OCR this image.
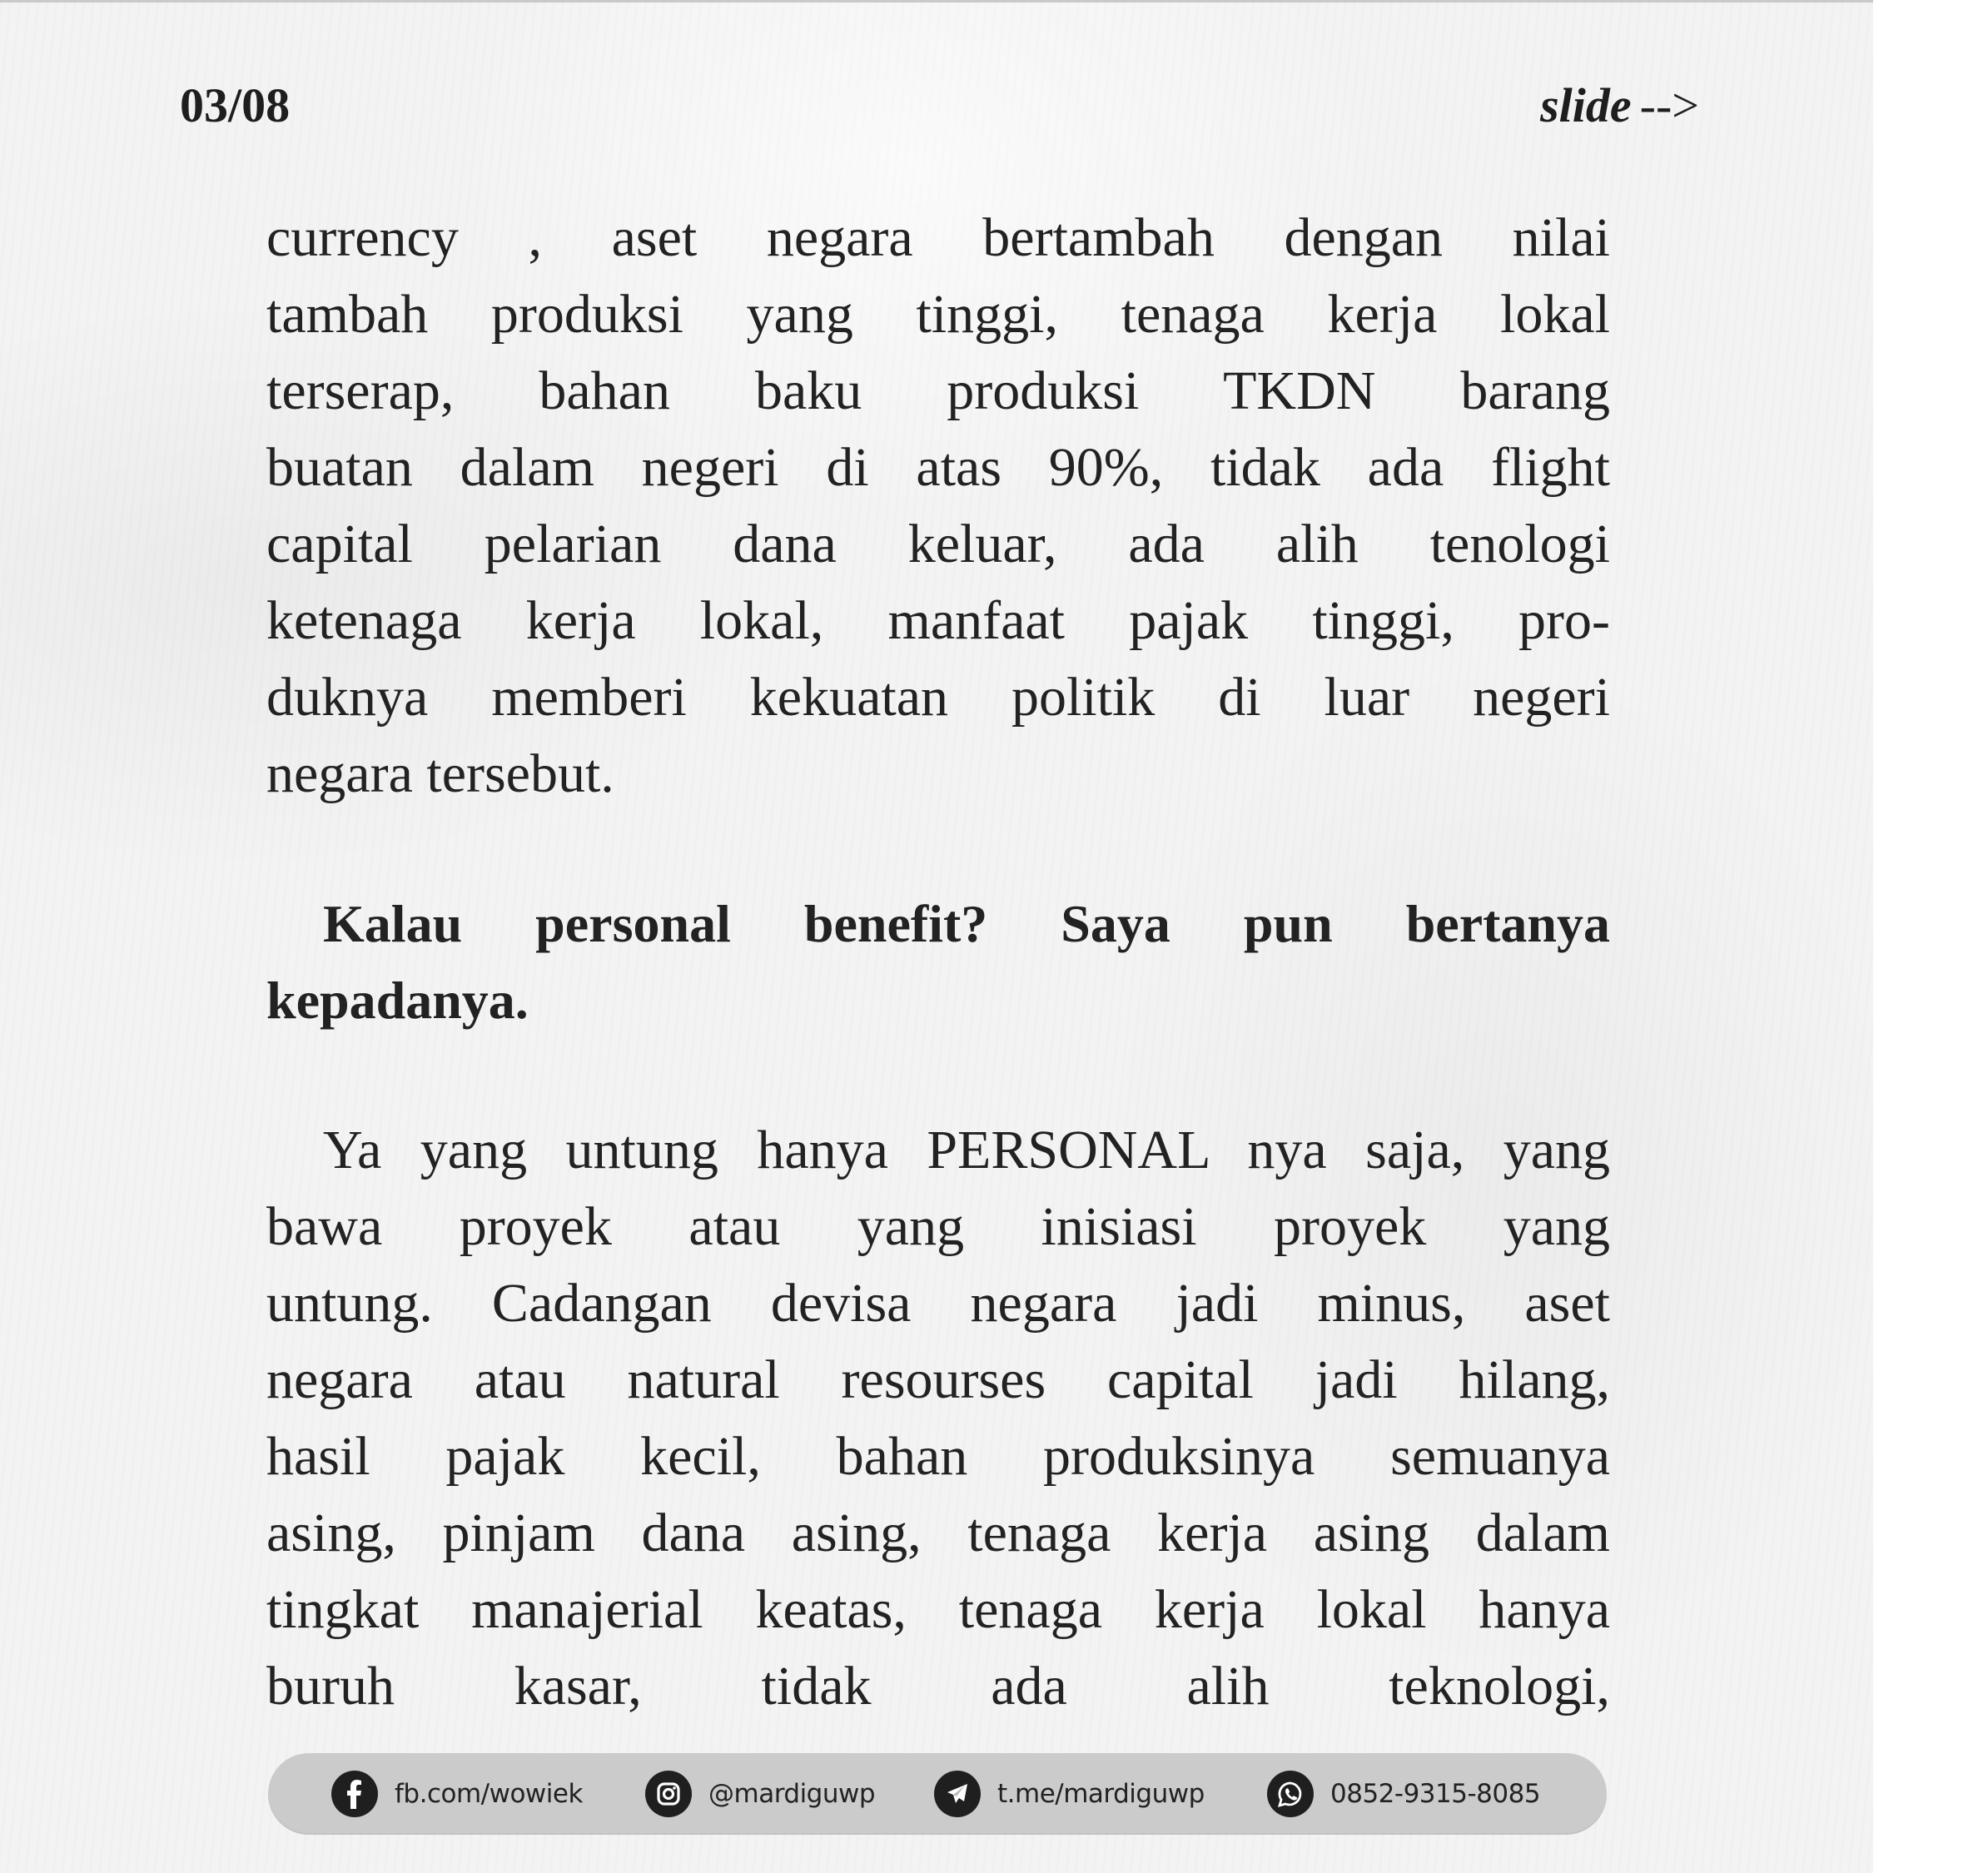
03/08	slide -->
currency , aset negara bertambah dengan nilai
tambah produksi yang tinggi, tenaga kerja lokal
terserap, bahan baku produksi TKDN barang
buatan dalam negeri di atas 90%, tidak ada flight
capital pelarian dana keluar, ada alih tenologi
ketenaga kerja lokal, manfaat pajak tinggi, pro-
duknya memberi kekuatan politik di luar negeri
negara tersebut.
Kalau personal benefit? Saya pun bertanya
kepadanya.
Ya yang untung hanya PERSONAL nya saja, yang
bawa proyek atau yang inisiasi proyek yang
untung. Cadangan devisa negara jadi minus, aset
negara atau natural resourses capital jadi hilang,
hasil pajak kecil, bahan produksinya semuanya
asing, pinjam dana asing, tenaga kerja asing dalam
tingkat manajerial keatas, tenaga kerja lokal hanya
buruh kasar, tidak ada alih teknologi,
fb.com/wowiek	@mardiguwp	t.me/mardiguwp	0852-9315-8085
